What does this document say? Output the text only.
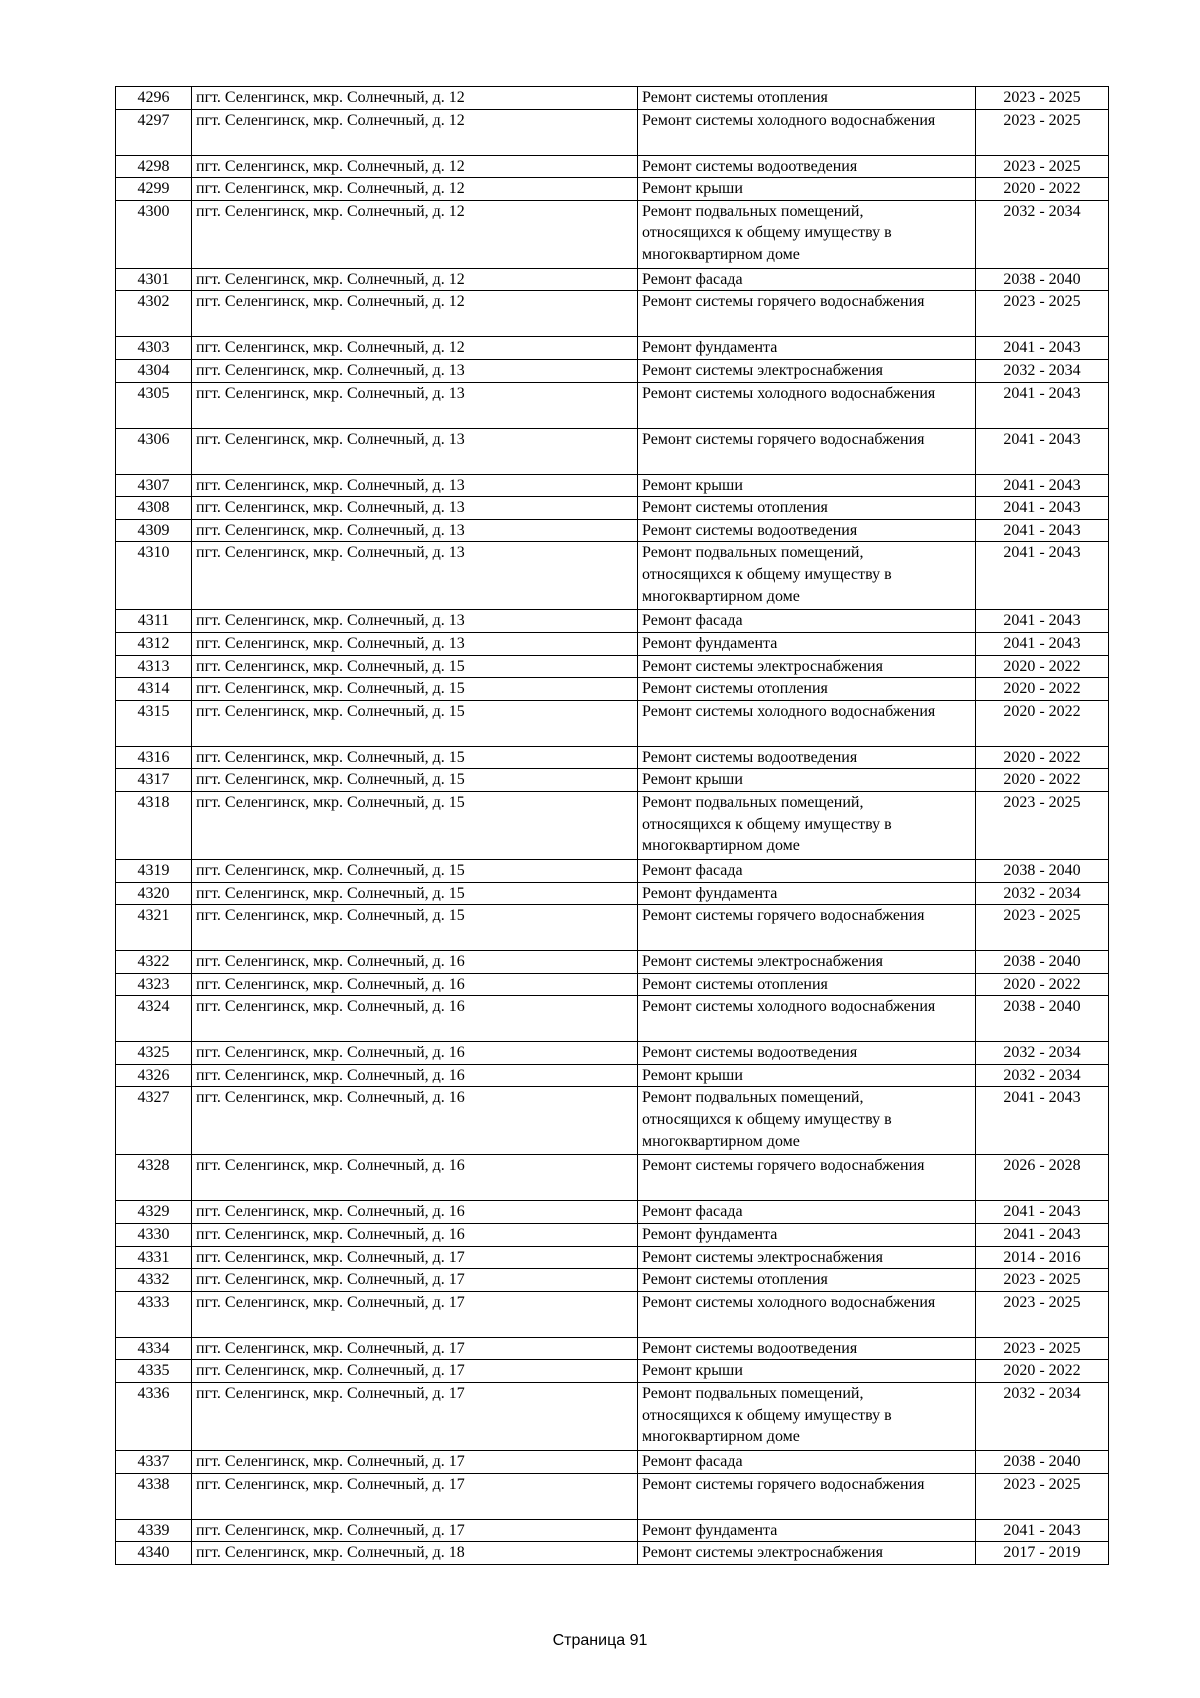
4296	пгт. Селенгинск, мкр. Солнечный, д. 12	Ремонт системы отопления	2023 - 2025
4297	пгт. Селенгинск, мкр. Солнечный, д. 12	Ремонт системы холодного водоснабжения	2023 - 2025
4298	пгт. Селенгинск, мкр. Солнечный, д. 12	Ремонт системы водоотведения	2023 - 2025
4299	пгт. Селенгинск, мкр. Солнечный, д. 12	Ремонт крыши	2020 - 2022
4300	пгт. Селенгинск, мкр. Солнечный, д. 12	Ремонт подвальных помещений,
относящихся к общему имуществу в
многоквартирном доме	2032 - 2034
4301	пгт. Селенгинск, мкр. Солнечный, д. 12	Ремонт фасада	2038 - 2040
4302	пгт. Селенгинск, мкр. Солнечный, д. 12	Ремонт системы горячего водоснабжения	2023 - 2025
4303	пгт. Селенгинск, мкр. Солнечный, д. 12	Ремонт фундамента	2041 - 2043
4304	пгт. Селенгинск, мкр. Солнечный, д. 13	Ремонт системы электроснабжения	2032 - 2034
4305	пгт. Селенгинск, мкр. Солнечный, д. 13	Ремонт системы холодного водоснабжения	2041 - 2043
4306	пгт. Селенгинск, мкр. Солнечный, д. 13	Ремонт системы горячего водоснабжения	2041 - 2043
4307	пгт. Селенгинск, мкр. Солнечный, д. 13	Ремонт крыши	2041 - 2043
4308	пгт. Селенгинск, мкр. Солнечный, д. 13	Ремонт системы отопления	2041 - 2043
4309	пгт. Селенгинск, мкр. Солнечный, д. 13	Ремонт системы водоотведения	2041 - 2043
4310	пгт. Селенгинск, мкр. Солнечный, д. 13	Ремонт подвальных помещений,
относящихся к общему имуществу в
многоквартирном доме	2041 - 2043
4311	пгт. Селенгинск, мкр. Солнечный, д. 13	Ремонт фасада	2041 - 2043
4312	пгт. Селенгинск, мкр. Солнечный, д. 13	Ремонт фундамента	2041 - 2043
4313	пгт. Селенгинск, мкр. Солнечный, д. 15	Ремонт системы электроснабжения	2020 - 2022
4314	пгт. Селенгинск, мкр. Солнечный, д. 15	Ремонт системы отопления	2020 - 2022
4315	пгт. Селенгинск, мкр. Солнечный, д. 15	Ремонт системы холодного водоснабжения	2020 - 2022
4316	пгт. Селенгинск, мкр. Солнечный, д. 15	Ремонт системы водоотведения	2020 - 2022
4317	пгт. Селенгинск, мкр. Солнечный, д. 15	Ремонт крыши	2020 - 2022
4318	пгт. Селенгинск, мкр. Солнечный, д. 15	Ремонт подвальных помещений,
относящихся к общему имуществу в
многоквартирном доме	2023 - 2025
4319	пгт. Селенгинск, мкр. Солнечный, д. 15	Ремонт фасада	2038 - 2040
4320	пгт. Селенгинск, мкр. Солнечный, д. 15	Ремонт фундамента	2032 - 2034
4321	пгт. Селенгинск, мкр. Солнечный, д. 15	Ремонт системы горячего водоснабжения	2023 - 2025
4322	пгт. Селенгинск, мкр. Солнечный, д. 16	Ремонт системы электроснабжения	2038 - 2040
4323	пгт. Селенгинск, мкр. Солнечный, д. 16	Ремонт системы отопления	2020 - 2022
4324	пгт. Селенгинск, мкр. Солнечный, д. 16	Ремонт системы холодного водоснабжения	2038 - 2040
4325	пгт. Селенгинск, мкр. Солнечный, д. 16	Ремонт системы водоотведения	2032 - 2034
4326	пгт. Селенгинск, мкр. Солнечный, д. 16	Ремонт крыши	2032 - 2034
4327	пгт. Селенгинск, мкр. Солнечный, д. 16	Ремонт подвальных помещений,
относящихся к общему имуществу в
многоквартирном доме	2041 - 2043
4328	пгт. Селенгинск, мкр. Солнечный, д. 16	Ремонт системы горячего водоснабжения	2026 - 2028
4329	пгт. Селенгинск, мкр. Солнечный, д. 16	Ремонт фасада	2041 - 2043
4330	пгт. Селенгинск, мкр. Солнечный, д. 16	Ремонт фундамента	2041 - 2043
4331	пгт. Селенгинск, мкр. Солнечный, д. 17	Ремонт системы электроснабжения	2014 - 2016
4332	пгт. Селенгинск, мкр. Солнечный, д. 17	Ремонт системы отопления	2023 - 2025
4333	пгт. Селенгинск, мкр. Солнечный, д. 17	Ремонт системы холодного водоснабжения	2023 - 2025
4334	пгт. Селенгинск, мкр. Солнечный, д. 17	Ремонт системы водоотведения	2023 - 2025
4335	пгт. Селенгинск, мкр. Солнечный, д. 17	Ремонт крыши	2020 - 2022
4336	пгт. Селенгинск, мкр. Солнечный, д. 17	Ремонт подвальных помещений,
относящихся к общему имуществу в
многоквартирном доме	2032 - 2034
4337	пгт. Селенгинск, мкр. Солнечный, д. 17	Ремонт фасада	2038 - 2040
4338	пгт. Селенгинск, мкр. Солнечный, д. 17	Ремонт системы горячего водоснабжения	2023 - 2025
4339	пгт. Селенгинск, мкр. Солнечный, д. 17	Ремонт фундамента	2041 - 2043
4340	пгт. Селенгинск, мкр. Солнечный, д. 18	Ремонт системы электроснабжения	2017 - 2019
Страница 91
